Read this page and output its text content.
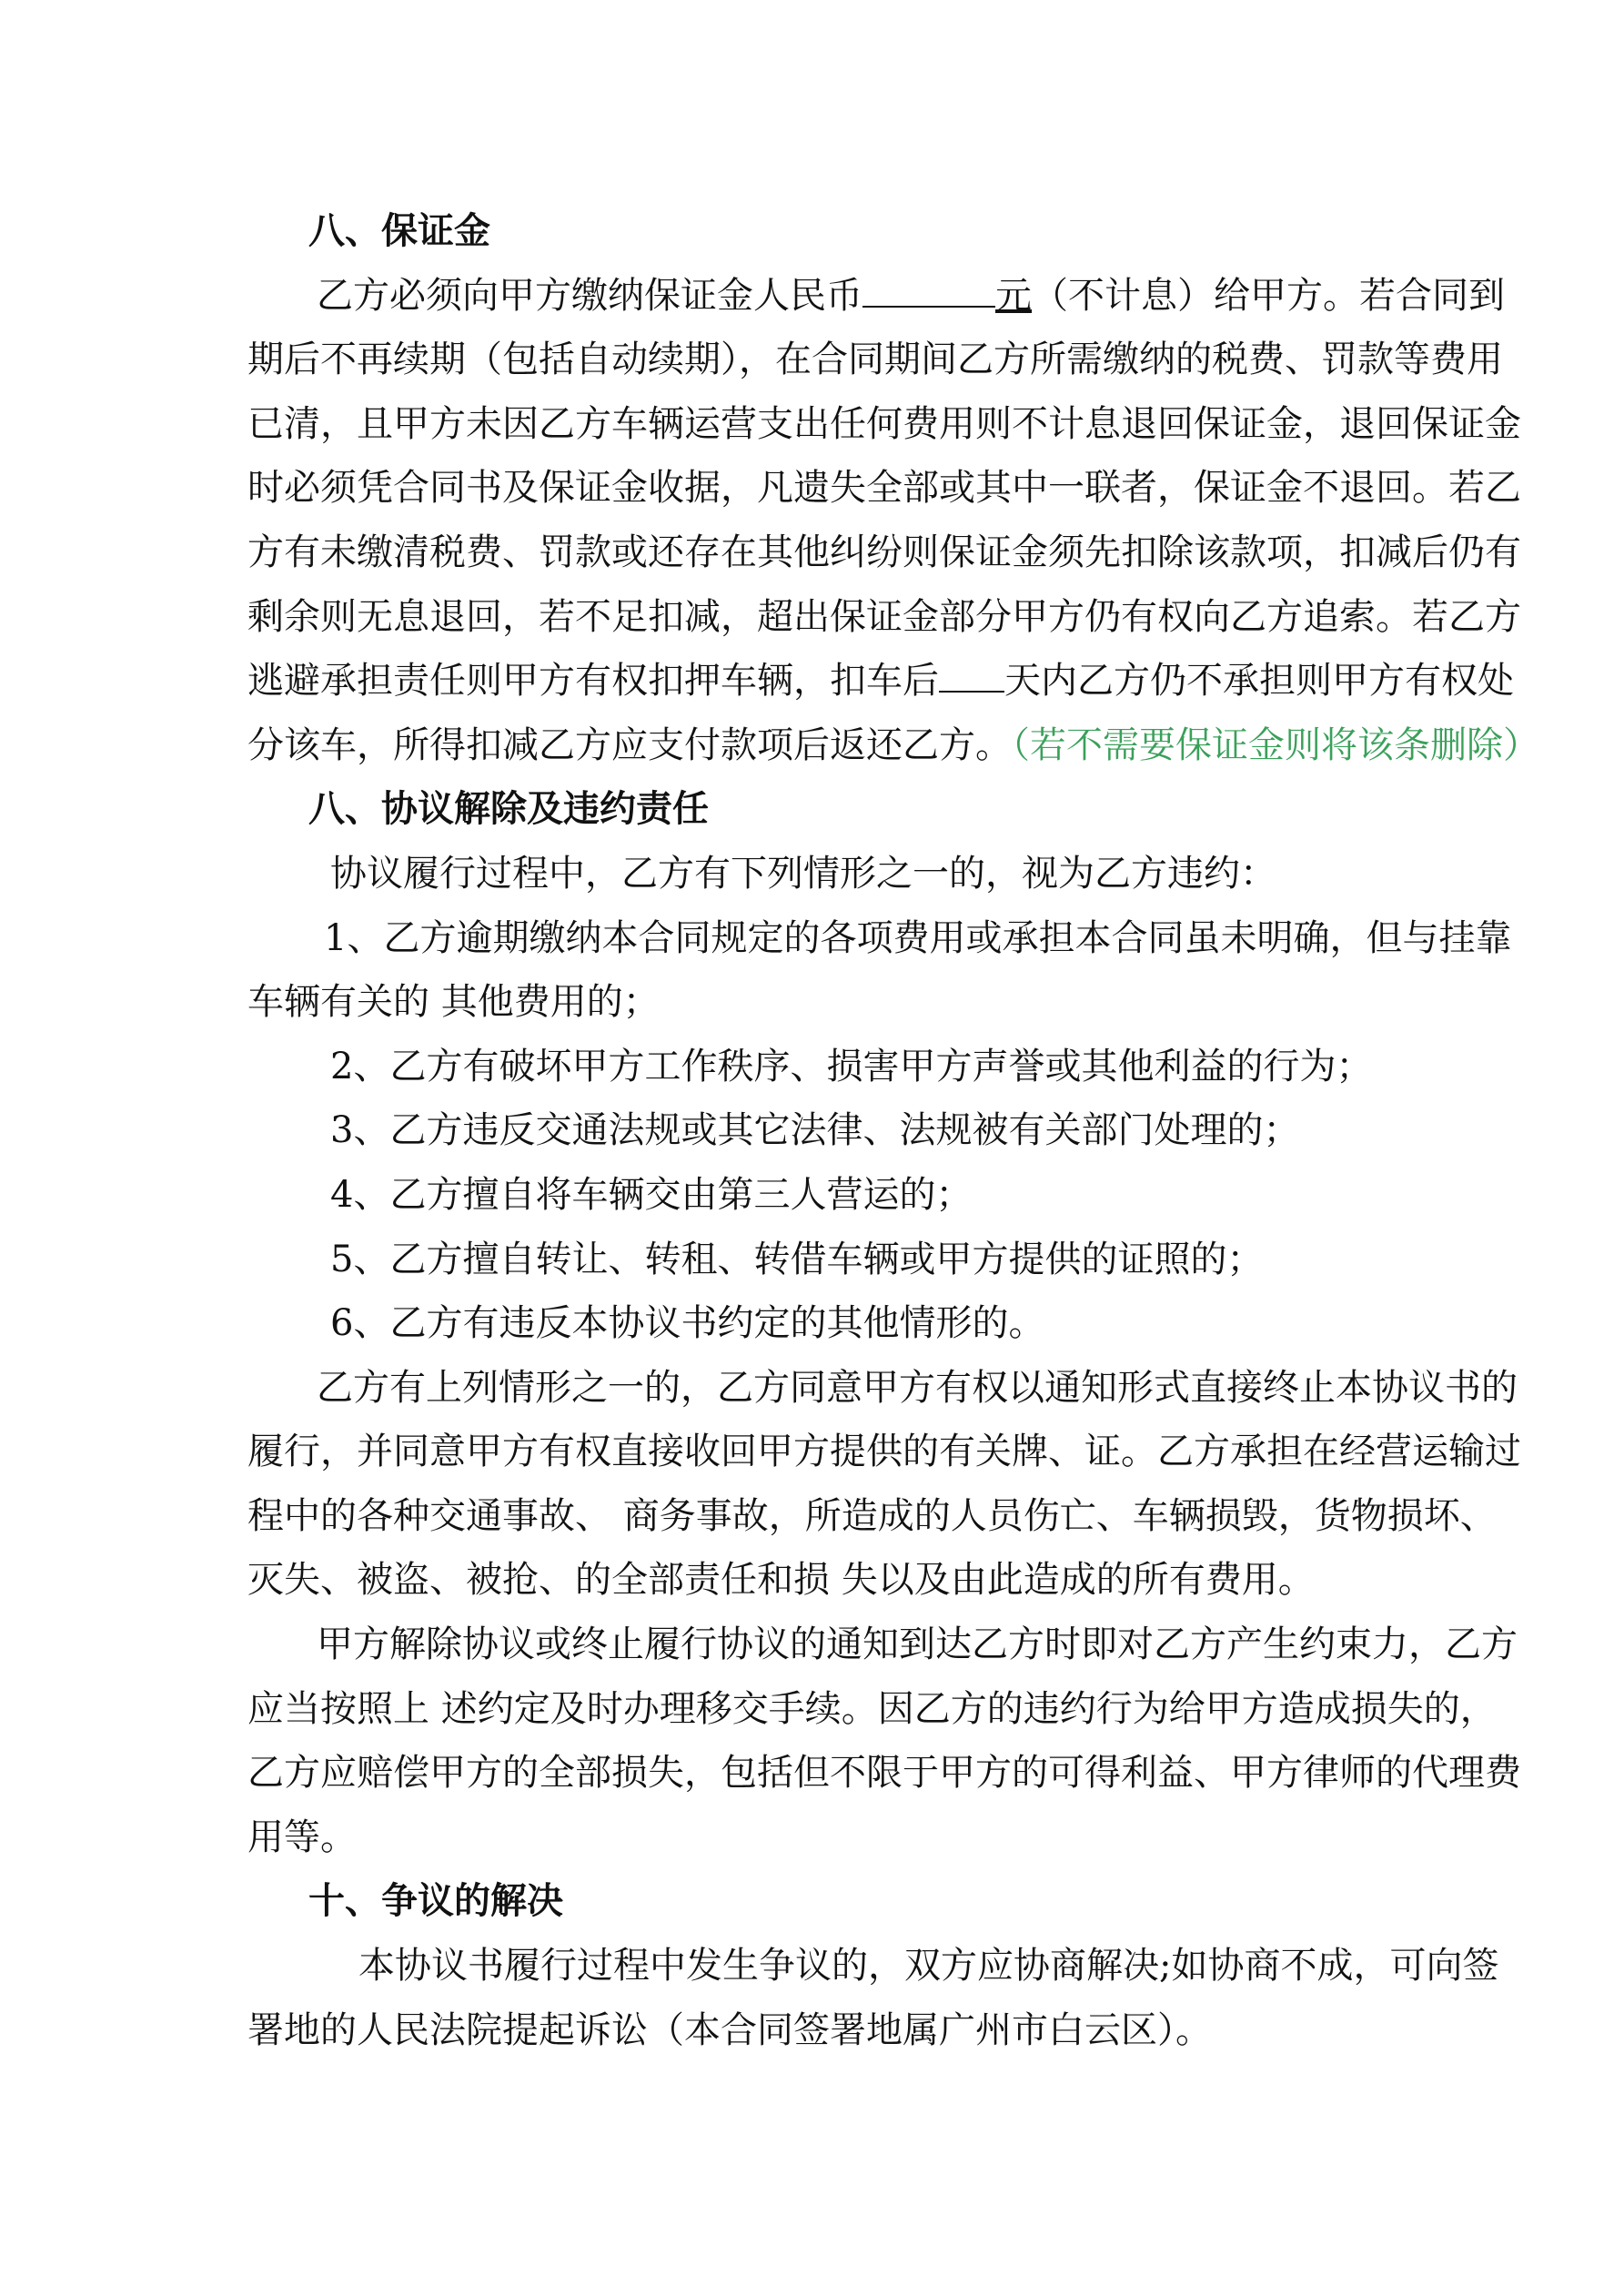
八、保证金
乙方必须向甲方缴纳保证金人民币	元（不计息）给甲方。若合同到
期后不再续期（包括自动续期），在合同期间乙方所需缴纳的税费、罚款等费用
已清，且甲方未因乙方车辆运营支出任何费用则不计息退回保证金，退回保证金
时必须凭合同书及保证金收据，凡遗失全部或其中一联者，保证金不退回。若乙
方有未缴清税费、罚款或还存在其他纠纷则保证金须先扣除该款项，扣减后仍有
剩余则无息退回，若不足扣减，超出保证金部分甲方仍有权向乙方追索。若乙方
逃避承担责任则甲方有权扣押车辆，扣车后 天内乙方仍不承担则甲方有权处
分该车，所得扣减乙方应支付款项后返还乙方。（若不需要保证金则将该条删除）
八、协议解除及违约责任
协议履行过程中，乙方有下列情形之一的，视为乙方违约：
1、乙方逾期缴纳本合同规定的各项费用或承担本合同虽未明确，但与挂靠
车辆有关的 其他费用的；
2、乙方有破坏甲方工作秩序、损害甲方声誉或其他利益的行为；
3、乙方违反交通法规或其它法律、法规被有关部门处理的；
4、乙方擅自将车辆交由第三人营运的；
5、乙方擅自转让、转租、转借车辆或甲方提供的证照的；
6、乙方有违反本协议书约定的其他情形的。
乙方有上列情形之一的，乙方同意甲方有权以通知形式直接终止本协议书的
履行，并同意甲方有权直接收回甲方提供的有关牌、证。乙方承担在经营运输过
程中的各种交通事故、 商务事故，所造成的人员伤亡、车辆损毁，货物损坏、
灭失、被盗、被抢、的全部责任和损 失以及由此造成的所有费用。
甲方解除协议或终止履行协议的通知到达乙方时即对乙方产生约束力，乙方
应当按照上 述约定及时办理移交手续。因乙方的违约行为给甲方造成损失的，
乙方应赔偿甲方的全部损失，包括但不限于甲方的可得利益、甲方律师的代理费
用等。
十、争议的解决
本协议书履行过程中发生争议的，双方应协商解决;如协商不成，可向签
署地的人民法院提起诉讼（本合同签署地属广州市白云区）。
